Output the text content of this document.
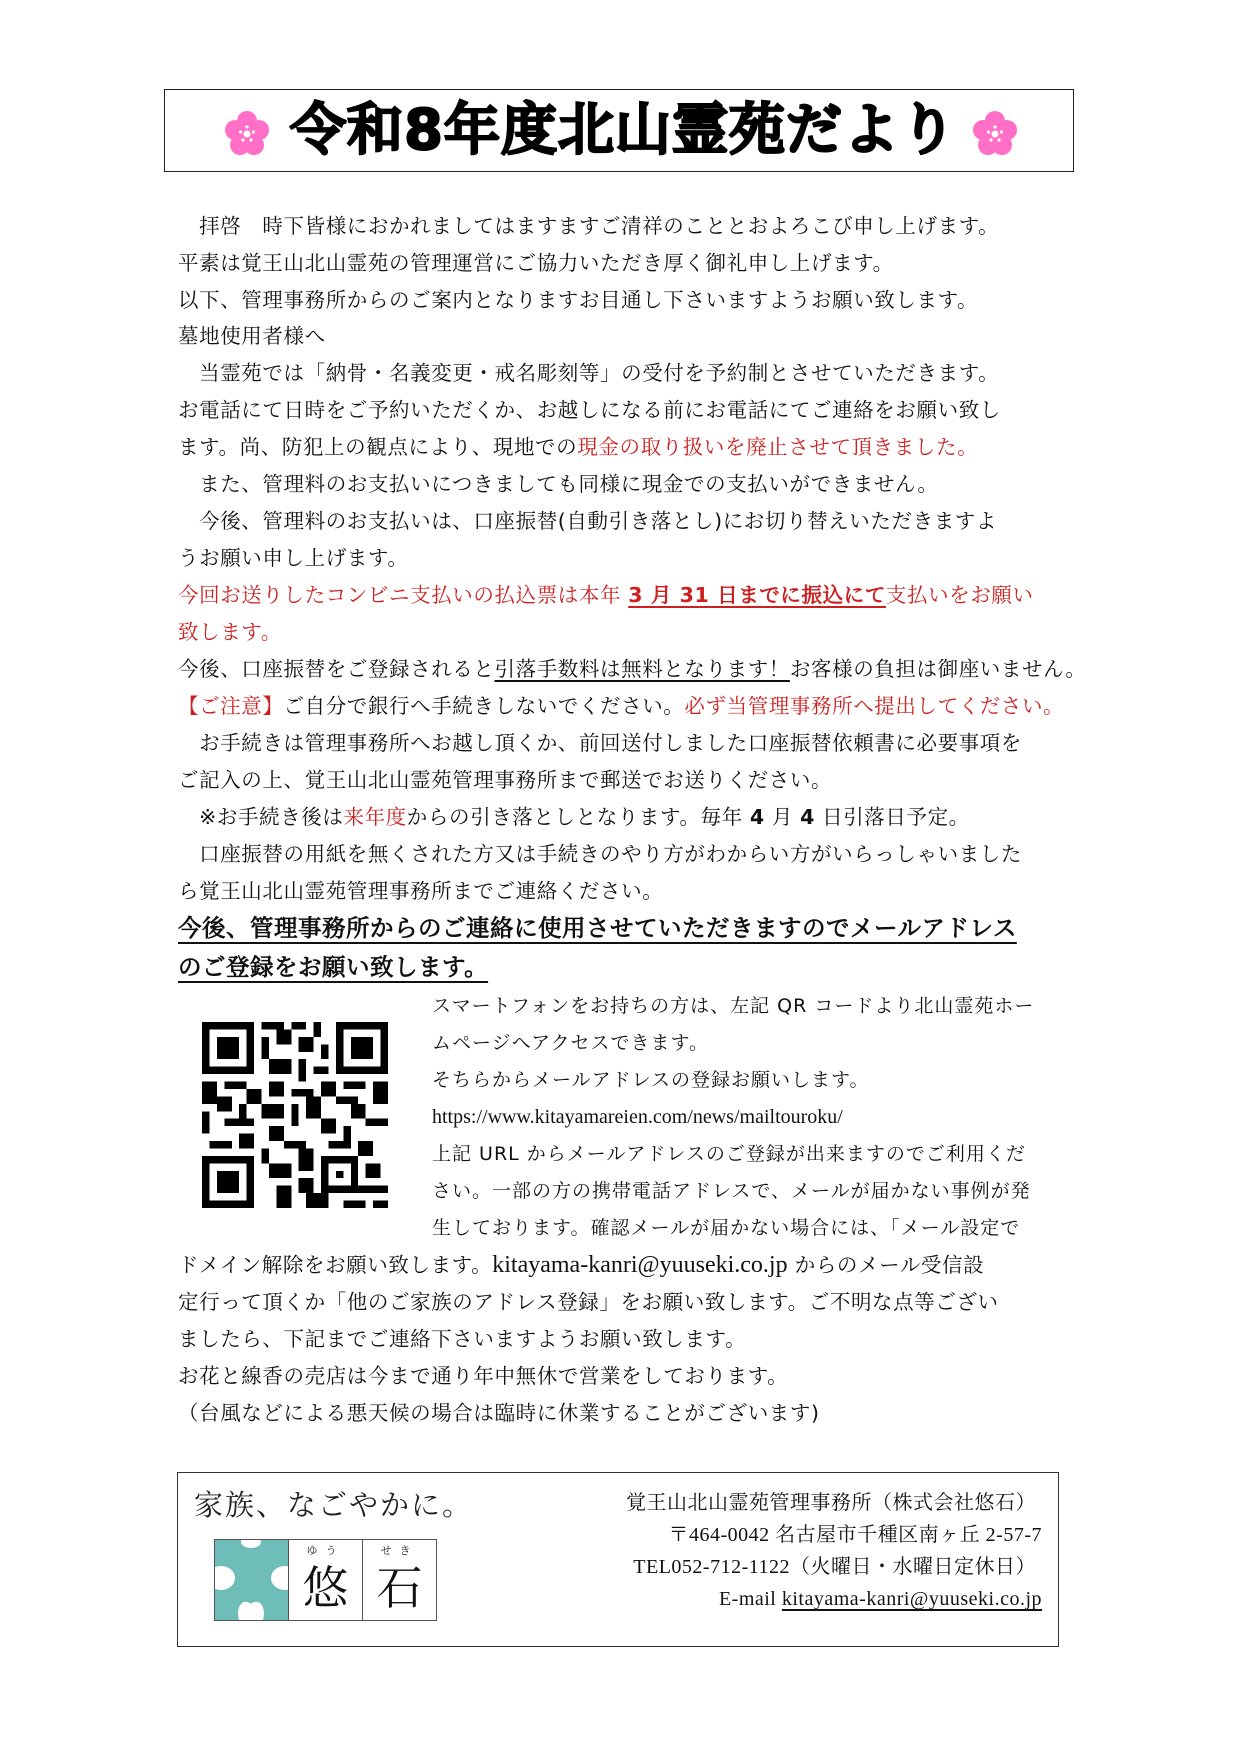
令和8年度北山霊苑だより
　拝啓　時下皆様におかれましてはますますご清祥のこととおよろこび申し上げます。
平素は覚王山北山霊苑の管理運営にご協力いただき厚く御礼申し上げます。
以下、管理事務所からのご案内となりますお目通し下さいますようお願い致します。
墓地使用者様へ
　当霊苑では「納骨・名義変更・戒名彫刻等」の受付を予約制とさせていただきます。
お電話にて日時をご予約いただくか、お越しになる前にお電話にてご連絡をお願い致し
ます。尚、防犯上の観点により、現地での現金の取り扱いを廃止させて頂きました。
　また、管理料のお支払いにつきましても同様に現金での支払いができません。
　今後、管理料のお支払いは、口座振替(自動引き落とし)にお切り替えいただきますよ
うお願い申し上げます。
今回お送りしたコンビニ支払いの払込票は本年 3 月 31 日までに振込にて支払いをお願い
致します。
今後、口座振替をご登録されると引落手数料は無料となります！お客様の負担は御座いません。
【ご注意】ご自分で銀行へ手続きしないでください。必ず当管理事務所へ提出してください。
　お手続きは管理事務所へお越し頂くか、前回送付しました口座振替依頼書に必要事項を
ご記入の上、覚王山北山霊苑管理事務所まで郵送でお送りください。
　※お手続き後は来年度からの引き落としとなります。毎年 4 月 4 日引落日予定。
　口座振替の用紙を無くされた方又は手続きのやり方がわからい方がいらっしゃいました
ら覚王山北山霊苑管理事務所までご連絡ください。
今後、管理事務所からのご連絡に使用させていただきますのでメールアドレス
のご登録をお願い致します。
スマートフォンをお持ちの方は、左記 QR コードより北山霊苑ホー
ムページへアクセスできます。
そちらからメールアドレスの登録お願いします。
https://www.kitayamareien.com/news/mailtouroku/
上記 URL からメールアドレスのご登録が出来ますのでご利用くだ
さい。一部の方の携帯電話アドレスで、メールが届かない事例が発
生しております。確認メールが届かない場合には、「メール設定で
ドメイン解除をお願い致します。kitayama-kanri@yuuseki.co.jp からのメール受信設
定行って頂くか「他のご家族のアドレス登録」をお願い致します。ご不明な点等ござい
ましたら、下記までご連絡下さいますようお願い致します。
お花と線香の売店は今まで通り年中無休で営業をしております。
（台風などによる悪天候の場合は臨時に休業することがございます)
家族、なごやかに。
ゆう
悠
せき
石
覚王山北山霊苑管理事務所（株式会社悠石）
〒464-0042 名古屋市千種区南ヶ丘 2-57-7
TEL052-712-1122（火曜日・水曜日定休日）
E-mail kitayama-kanri@yuuseki.co.jp
